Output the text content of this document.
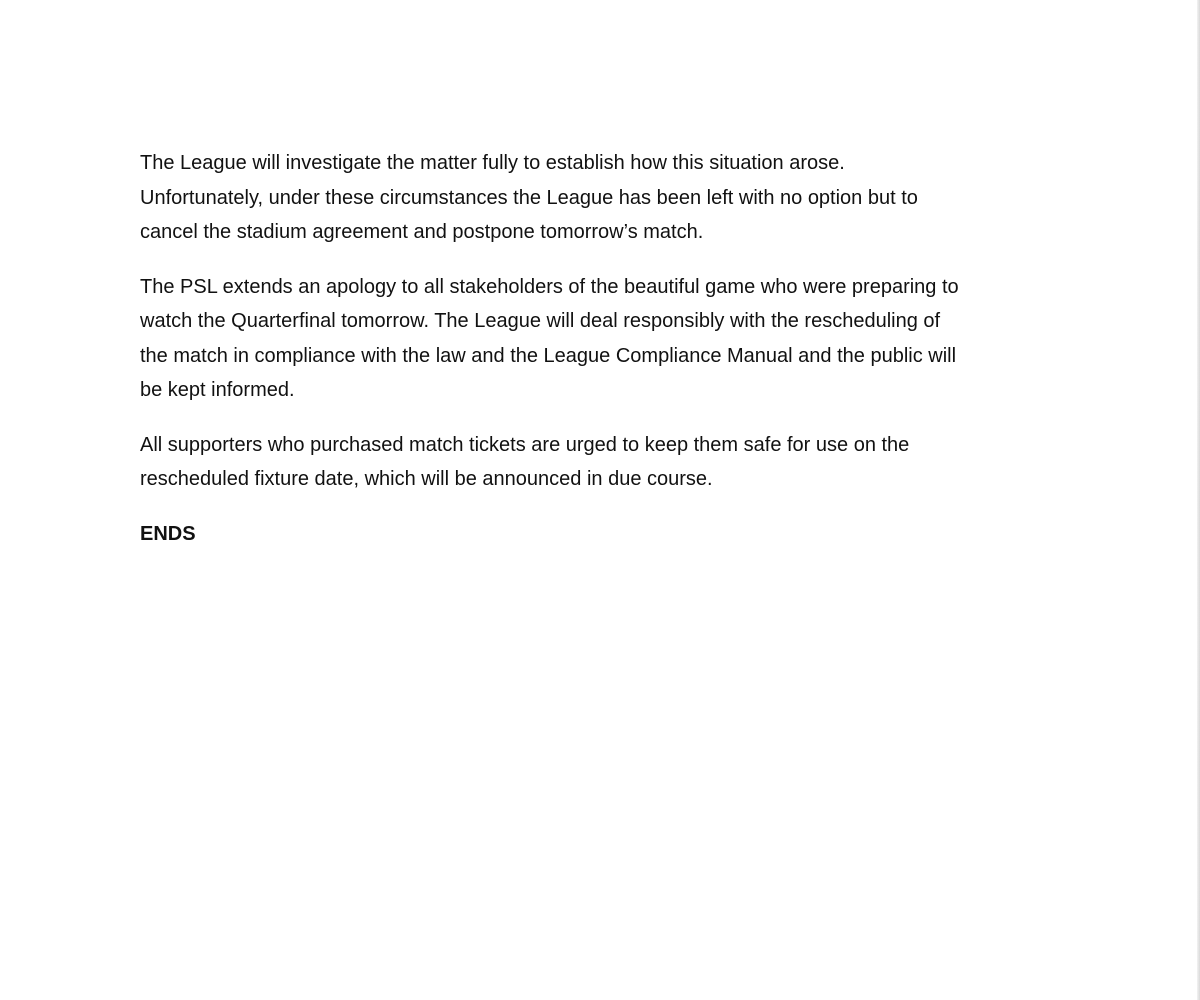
The League will investigate the matter fully to establish how this situation arose.
Unfortunately, under these circumstances the League has been left with no option but to
cancel the stadium agreement and postpone tomorrow’s match.

The PSL extends an apology to all stakeholders of the beautiful game who were preparing to
watch the Quarterfinal tomorrow. The League will deal responsibly with the rescheduling of
the match in compliance with the law and the League Compliance Manual and the public will
be kept informed.

All supporters who purchased match tickets are urged to keep them safe for use on the
rescheduled fixture date, which will be announced in due course.

ENDS
